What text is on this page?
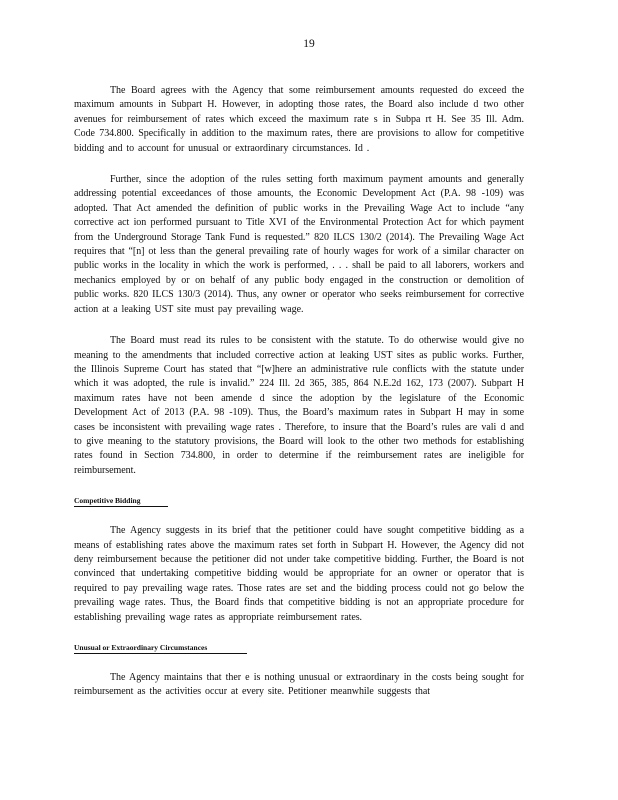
19

The Board agrees with the Agency that some reimbursement amounts requested do exceed the maximum amounts in Subpart H. However, in adopting those rates, the Board also include d two other avenues for reimbursement of rates which exceed the maximum rate s in Subpa rt H. See 35 Ill. Adm. Code 734.800. Specifically in addition to the maximum rates, there are provisions to allow for competitive bidding and to account for unusual or extraordinary circumstances. Id .

Further, since the adoption of the rules setting forth maximum payment amounts and generally addressing potential exceedances of those amounts, the Economic Development Act (P.A. 98 -109) was adopted. That Act amended the definition of public works in the Prevailing Wage Act to include “any corrective act ion performed pursuant to Title XVI of the Environmental Protection Act for which payment from the Underground Storage Tank Fund is requested.” 820 ILCS 130/2 (2014). The Prevailing Wage Act requires that “[n] ot less than the general prevailing rate of hourly wages for work of a similar character on public works in the locality in which the work is performed, . . . shall be paid to all laborers, workers and mechanics employed by or on behalf of any public body engaged in the construction or demolition of public works. 820 ILCS 130/3 (2014). Thus, any owner or operator who seeks reimbursement for corrective action at a leaking UST site must pay prevailing wage.

The Board must read its rules to be consistent with the statute. To do otherwise would give no meaning to the amendments that included corrective action at leaking UST sites as public works. Further, the Illinois Supreme Court has stated that “[w]here an administrative rule conflicts with the statute under which it was adopted, the rule is invalid.” 224 Ill. 2d 365, 385, 864 N.E.2d 162, 173 (2007). Subpart H maximum rates have not been amende d since the adoption by the legislature of the Economic Development Act of 2013 (P.A. 98 -109). Thus, the Board’s maximum rates in Subpart H may in some cases be inconsistent with prevailing wage rates . Therefore, to insure that the Board’s rules are vali d and to give meaning to the statutory provisions, the Board will look to the other two methods for establishing rates found in Section 734.800, in order to determine if the reimbursement rates are ineligible for reimbursement.

Competitive Bidding

The Agency suggests in its brief that the petitioner could have sought competitive bidding as a means of establishing rates above the maximum rates set forth in Subpart H. However, the Agency did not deny reimbursement because the petitioner did not under take competitive bidding. Further, the Board is not convinced that undertaking competitive bidding would be appropriate for an owner or operator that is required to pay prevailing wage rates. Those rates are set and the bidding process could not go below the prevailing wage rates. Thus, the Board finds that competitive bidding is not an appropriate procedure for establishing prevailing wage rates as appropriate reimbursement rates.

Unusual or Extraordinary Circumstances

The Agency maintains that ther e is nothing unusual or extraordinary in the costs being sought for reimbursement as the activities occur at every site. Petitioner meanwhile suggests that
